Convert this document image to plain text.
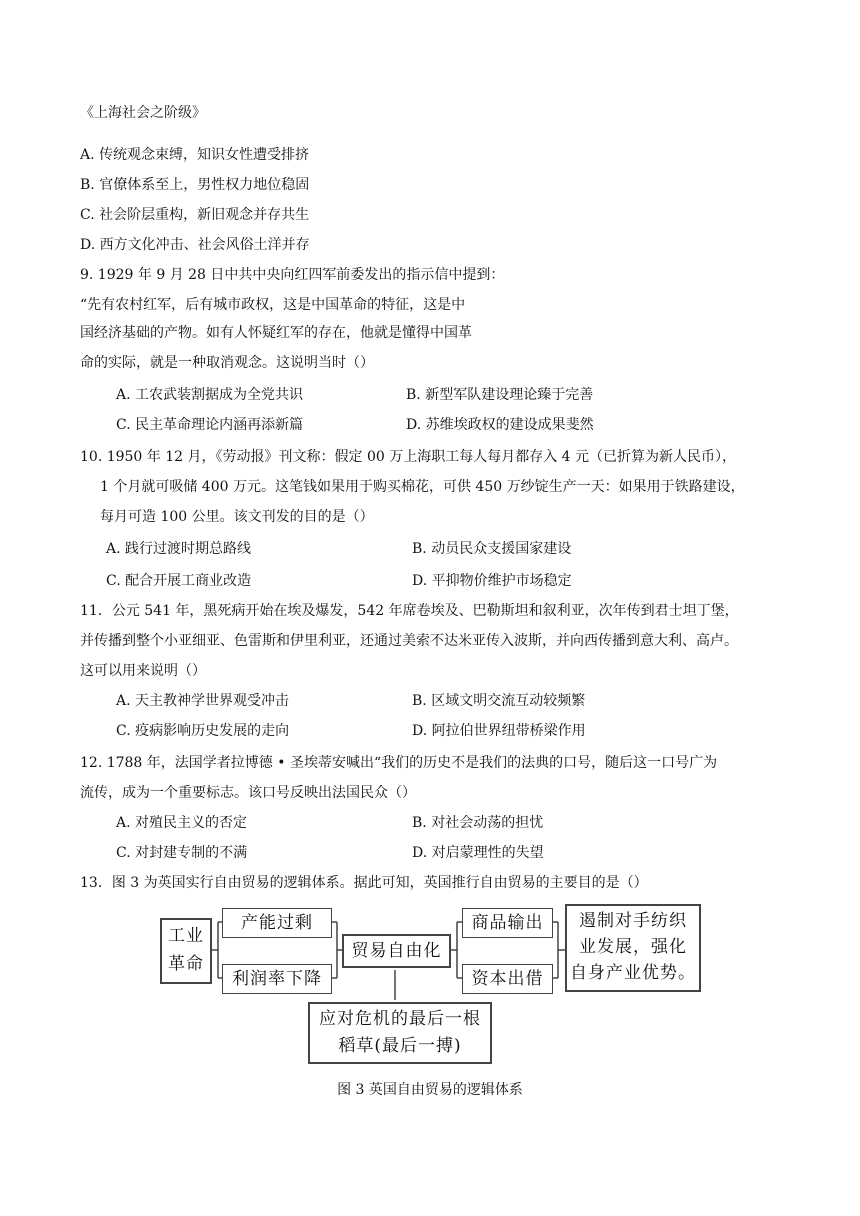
《上海社会之阶级》
A. 传统观念束缚，知识女性遭受排挤
B. 官僚体系至上，男性权力地位稳固
C. 社会阶层重构，新旧观念并存共生
D. 西方文化冲击、社会风俗土洋并存
9. 1929 年 9 月 28 日中共中央向红四军前委发出的指示信中提到：
“先有农村红军，后有城市政权，这是中国革命的特征，这是中
国经济基础的产物。如有人怀疑红军的存在，他就是懂得中国革
命的实际，就是一种取消观念。这说明当时（）
A. 工农武装割据成为全党共识	B. 新型军队建设理论臻于完善
C. 民主革命理论内涵再添新篇	D. 苏维埃政权的建设成果斐然
10. 1950 年 12 月，《劳动报》刊文称：假定 00 万上海职工每人每月都存入 4 元（已折算为新人民币），
1 个月就可吸储 400 万元。这笔钱如果用于购买棉花，可供 450 万纱锭生产一天：如果用于铁路建设，
每月可造 100 公里。该文刊发的目的是（）
A. 践行过渡时期总路线	B. 动员民众支援国家建设
C. 配合开展工商业改造	D. 平抑物价维护市场稳定
11．公元 541 年，黑死病开始在埃及爆发，542 年席卷埃及、巴勒斯坦和叙利亚，次年传到君士坦丁堡，
并传播到整个小亚细亚、色雷斯和伊里利亚，还通过美索不达米亚传入波斯，并向西传播到意大利、高卢。
这可以用来说明（）
A. 天主教神学世界观受冲击	B. 区域文明交流互动较频繁
C. 疫病影响历史发展的走向	D. 阿拉伯世界纽带桥梁作用
12. 1788 年，法国学者拉博德 • 圣埃蒂安喊出“我们的历史不是我们的法典的口号，随后这一口号广为
流传，成为一个重要标志。该口号反映出法国民众（）
A. 对殖民主义的否定	B. 对社会动荡的担忧
C. 对封建专制的不满	D. 对启蒙理性的失望
13．图 3 为英国实行自由贸易的逻辑体系。据此可知，英国推行自由贸易的主要目的是（）
工业
革命
产能过剩
利润率下降
贸易自由化
商品输出
资本出借
遏制对手纺织
业发展，强化
自身产业优势。
应对危机的最后一根
稻草(最后一搏)
图 3 英国自由贸易的逻辑体系
